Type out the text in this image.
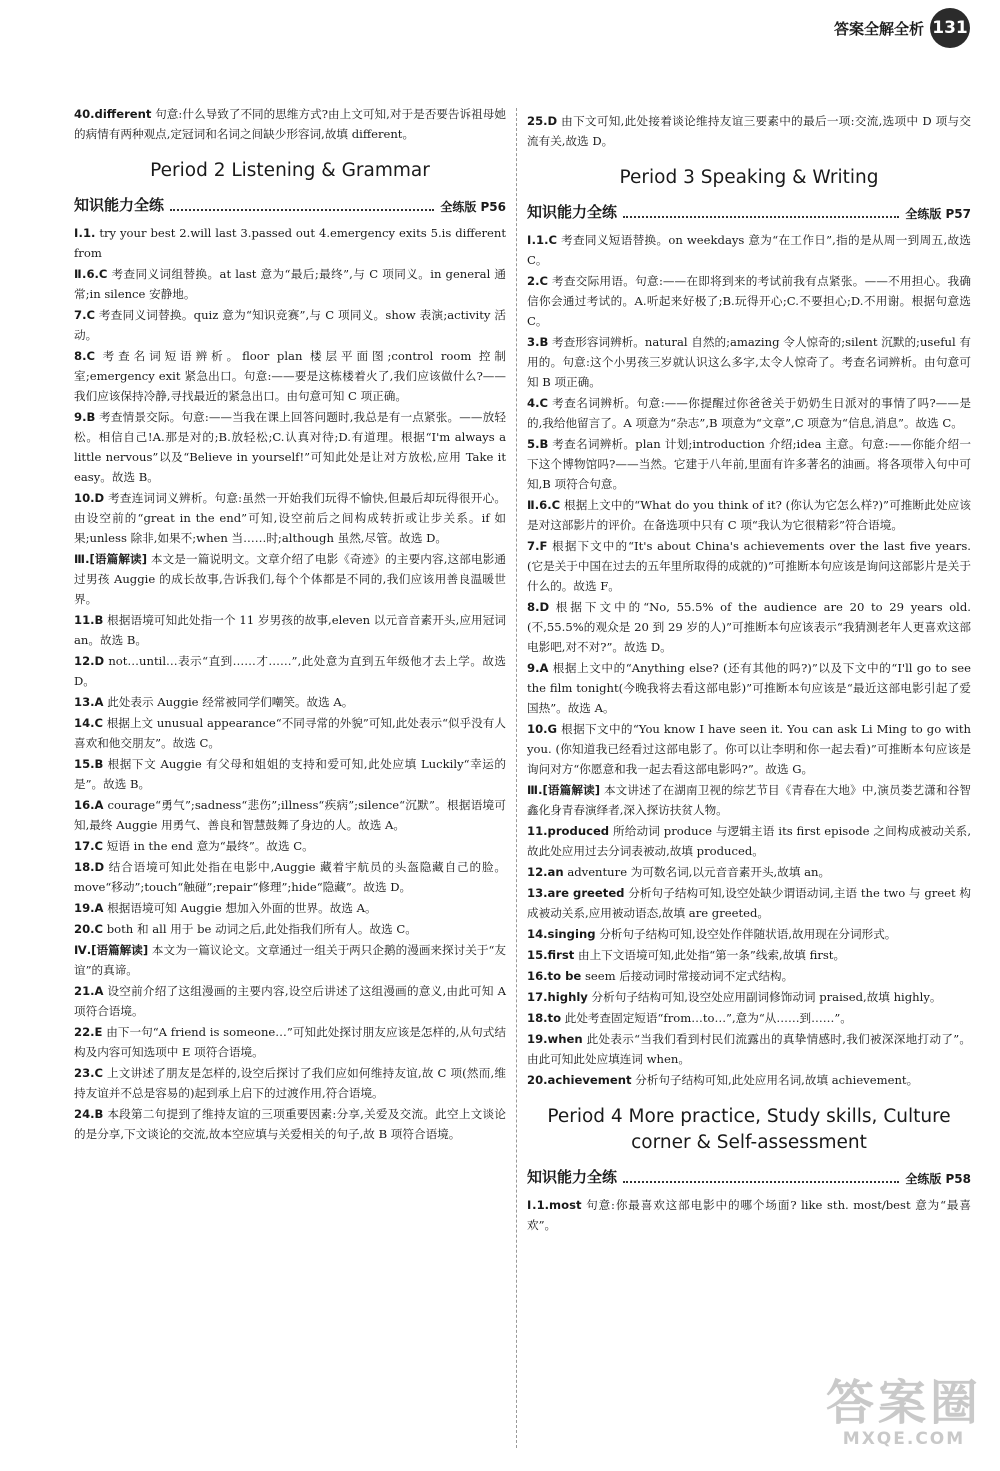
答案全解全析 131

40.different 句意:什么导致了不同的思维方式?由上文可知,对于是否要告诉祖母她的病情有两种观点,定冠词和名词之间缺少形容词,故填 different。

Period 2 Listening & Grammar
知识能力全练	全练版 P56

Ⅰ.1. try your best 2.will last 3.passed out 4.emergency exits 5.is different from

Ⅱ.6.C 考查同义词组替换。at last 意为“最后;最终”,与 C 项同义。in general 通常;in silence 安静地。

7.C 考查同义词替换。quiz 意为“知识竞赛”,与 C 项同义。show 表演;activity 活动。

8.C 考查名词短语辨析。floor plan 楼层平面图;control room 控制室;emergency exit 紧急出口。句意:——要是这栋楼着火了,我们应该做什么?——我们应该保持冷静,寻找最近的紧急出口。由句意可知 C 项正确。

9.B 考查情景交际。句意:——当我在课上回答问题时,我总是有一点紧张。——放轻松。相信自己!A.那是对的;B.放轻松;C.认真对待;D.有道理。根据“I'm always a little nervous”以及“Believe in yourself!”可知此处是让对方放松,应用 Take it easy。故选 B。

10.D 考查连词词义辨析。句意:虽然一开始我们玩得不愉快,但最后却玩得很开心。由设空前的“great in the end”可知,设空前后之间构成转折或让步关系。if 如果;unless 除非,如果不;when 当……时;although 虽然,尽管。故选 D。

Ⅲ.[语篇解读] 本文是一篇说明文。文章介绍了电影《奇迹》的主要内容,这部电影通过男孩 Auggie 的成长故事,告诉我们,每个个体都是不同的,我们应该用善良温暖世界。

11.B 根据语境可知此处指一个 11 岁男孩的故事,eleven 以元音音素开头,应用冠词 an。故选 B。

12.D not…until…表示“直到……才……”,此处意为直到五年级他才去上学。故选 D。

13.A 此处表示 Auggie 经常被同学们嘲笑。故选 A。

14.C 根据上文 unusual appearance“不同寻常的外貌”可知,此处表示“似乎没有人喜欢和他交朋友”。故选 C。

15.B 根据下文 Auggie 有父母和姐姐的支持和爱可知,此处应填 Luckily“幸运的是”。故选 B。

16.A courage“勇气”;sadness“悲伤”;illness“疾病”;silence“沉默”。根据语境可知,最终 Auggie 用勇气、善良和智慧鼓舞了身边的人。故选 A。

17.C 短语 in the end 意为“最终”。故选 C。

18.D 结合语境可知此处指在电影中,Auggie 藏着宇航员的头盔隐藏自己的脸。move“移动”;touch“触碰”;repair“修理”;hide“隐藏”。故选 D。

19.A 根据语境可知 Auggie 想加入外面的世界。故选 A。

20.C both 和 all 用于 be 动词之后,此处指我们所有人。故选 C。

Ⅳ.[语篇解读] 本文为一篇议论文。文章通过一组关于两只企鹅的漫画来探讨关于“友谊”的真谛。

21.A 设空前介绍了这组漫画的主要内容,设空后讲述了这组漫画的意义,由此可知 A 项符合语境。

22.E 由下一句“A friend is someone…”可知此处探讨朋友应该是怎样的,从句式结构及内容可知选项中 E 项符合语境。

23.C 上文讲述了朋友是怎样的,设空后探讨了我们应如何维持友谊,故 C 项(然而,维持友谊并不总是容易的)起到承上启下的过渡作用,符合语境。

24.B 本段第二句提到了维持友谊的三项重要因素:分享,关爱及交流。此空上文谈论的是分享,下文谈论的交流,故本空应填与关爱相关的句子,故 B 项符合语境。

25.D 由下文可知,此处接着谈论维持友谊三要素中的最后一项:交流,选项中 D 项与交流有关,故选 D。

Period 3 Speaking & Writing
知识能力全练	全练版 P57

Ⅰ.1.C 考查同义短语替换。on weekdays 意为“在工作日”,指的是从周一到周五,故选 C。

2.C 考查交际用语。句意:——在即将到来的考试前我有点紧张。——不用担心。我确信你会通过考试的。A.听起来好极了;B.玩得开心;C.不要担心;D.不用谢。根据句意选 C。

3.B 考查形容词辨析。natural 自然的;amazing 令人惊奇的;silent 沉默的;useful 有用的。句意:这个小男孩三岁就认识这么多字,太令人惊奇了。考查名词辨析。由句意可知 B 项正确。

4.C 考查名词辨析。句意:——你提醒过你爸爸关于奶奶生日派对的事情了吗?——是的,我给他留言了。A 项意为“杂志”,B 项意为“文章”,C 项意为“信息,消息”。故选 C。

5.B 考查名词辨析。plan 计划;introduction 介绍;idea 主意。句意:——你能介绍一下这个博物馆吗?——当然。它建于八年前,里面有许多著名的油画。将各项带入句中可知,B 项符合句意。

Ⅱ.6.C 根据上文中的“What do you think of it? (你认为它怎么样?)”可推断此处应该是对这部影片的评价。在备选项中只有 C 项“我认为它很精彩”符合语境。

7.F 根据下文中的“It's about China's achievements over the last five years.(它是关于中国在过去的五年里所取得的成就的)”可推断本句应该是询问这部影片是关于什么的。故选 F。

8.D 根据下文中的“No, 55.5% of the audience are 20 to 29 years old. (不,55.5%的观众是 20 到 29 岁的人)”可推断本句应该表示“我猜测老年人更喜欢这部电影吧,对不对?”。故选 D。

9.A 根据上文中的“Anything else? (还有其他的吗?)”以及下文中的“I'll go to see the film tonight(今晚我将去看这部电影)”可推断本句应该是“最近这部电影引起了爱国热”。故选 A。

10.G 根据下文中的“You know I have seen it. You can ask Li Ming to go with you. (你知道我已经看过这部电影了。你可以让李明和你一起去看)”可推断本句应该是询问对方“你愿意和我一起去看这部电影吗?”。故选 G。

Ⅲ.[语篇解读] 本文讲述了在湖南卫视的综艺节目《青春在大地》中,演员娄艺潇和谷智鑫化身青春演绎者,深入探访扶贫人物。

11.produced 所给动词 produce 与逻辑主语 its first episode 之间构成被动关系,故此处应用过去分词表被动,故填 produced。

12.an adventure 为可数名词,以元音音素开头,故填 an。

13.are greeted 分析句子结构可知,设空处缺少谓语动词,主语 the two 与 greet 构成被动关系,应用被动语态,故填 are greeted。

14.singing 分析句子结构可知,设空处作伴随状语,故用现在分词形式。

15.first 由上下文语境可知,此处指“第一条”线索,故填 first。

16.to be seem 后接动词时常接动词不定式结构。

17.highly 分析句子结构可知,设空处应用副词修饰动词 praised,故填 highly。

18.to 此处考查固定短语“from…to…”,意为“从……到……”。

19.when 此处表示“当我们看到村民们流露出的真挚情感时,我们被深深地打动了”。由此可知此处应填连词 when。

20.achievement 分析句子结构可知,此处应用名词,故填 achievement。

Period 4 More practice, Study skills, Culture corner & Self-assessment
知识能力全练	全练版 P58

Ⅰ.1.most 句意:你最喜欢这部电影中的哪个场面? like sth. most/best 意为“最喜欢”。

答案圈
MXQE.COM
